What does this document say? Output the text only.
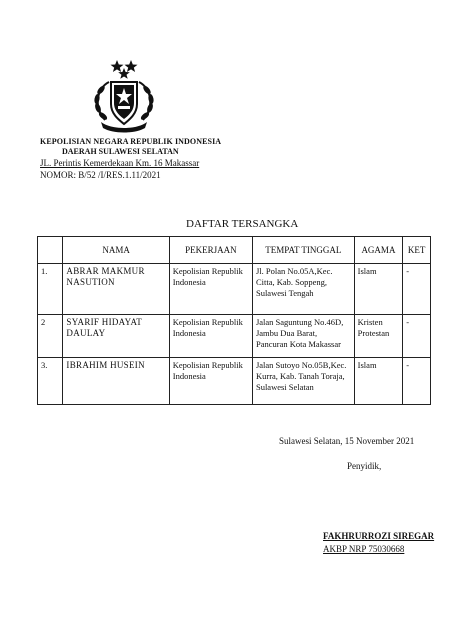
KEPOLISIAN NEGARA REPUBLIK INDONESIA
DAERAH SULAWESI SELATAN
JL. Perintis Kemerdekaan Km. 16 Makassar
NOMOR: B/52 /I/RES.1.11/2021
DAFTAR TERSANGKA
	NAMA	PEKERJAAN	TEMPAT TINGGAL	AGAMA	KET
1.	ABRAR MAKMUR NASUTION	Kepolisian Republik Indonesia	Jl. Polan No.05A,Kec. Citta, Kab. Soppeng, Sulawesi Tengah	Islam	-
2	SYARIF HIDAYAT DAULAY	Kepolisian Republik Indonesia	Jalan Saguntung No.46D, Jambu Dua Barat, Pancuran Kota Makassar	Kristen Protestan	-
3.	IBRAHIM HUSEIN	Kepolisian Republik Indonesia	Jalan Sutoyo No.05B,Kec. Kurra, Kab. Tanah Toraja, Sulawesi Selatan	Islam	-
Sulawesi Selatan, 15 November 2021
Penyidik,
FAKHRURROZI SIREGAR
AKBP NRP 75030668
